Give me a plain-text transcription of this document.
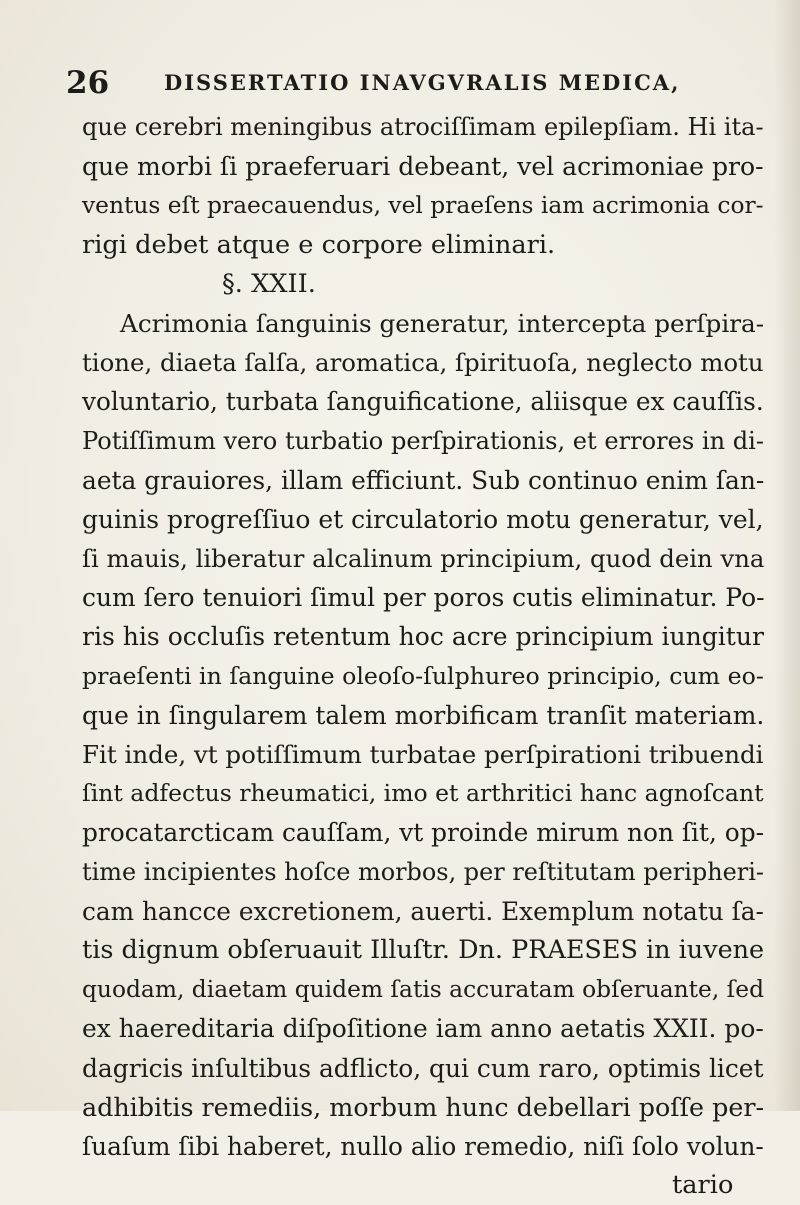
26	DISSERTATIO INAVGVRALIS MEDICA,
que cerebri meningibus atrociſſimam epilepſiam. Hi ita-
que morbi ſi praeferuari debeant, vel acrimoniae pro-
ventus eſt praecauendus, vel praeſens iam acrimonia cor-
rigi debet atque e corpore eliminari.
§. XXII.
Acrimonia ſanguinis generatur, intercepta perſpira-
tione, diaeta ſalſa, aromatica, ſpirituoſa, neglecto motu
voluntario, turbata ſanguificatione, aliisque ex cauſſis.
Potiſſimum vero turbatio perſpirationis, et errores in di-
aeta grauiores, illam efficiunt. Sub continuo enim ſan-
guinis progreſſiuo et circulatorio motu generatur, vel,
ſi mauis, liberatur alcalinum principium, quod dein vna
cum ſero tenuiori ſimul per poros cutis eliminatur. Po-
ris his occluſis retentum hoc acre principium iungitur
praeſenti in ſanguine oleoſo-ſulphureo principio, cum eo-
que in ſingularem talem morbificam tranſit materiam.
Fit inde, vt potiſſimum turbatae perſpirationi tribuendi
ſint adfectus rheumatici, imo et arthritici hanc agnoſcant
procatarcticam cauſſam, vt proinde mirum non ſit, op-
time incipientes hoſce morbos, per reſtitutam peripheri-
cam hancce excretionem, auerti. Exemplum notatu ſa-
tis dignum obſeruauit Illuſtr. Dn. PRAESES in iuvene
quodam, diaetam quidem ſatis accuratam obſeruante, ſed
ex haereditaria diſpoſitione iam anno aetatis XXII. po-
dagricis inſultibus adflicto, qui cum raro, optimis licet
adhibitis remediis, morbum hunc debellari poſſe per-
ſuaſum ſibi haberet, nullo alio remedio, niſi ſolo volun-
tario
